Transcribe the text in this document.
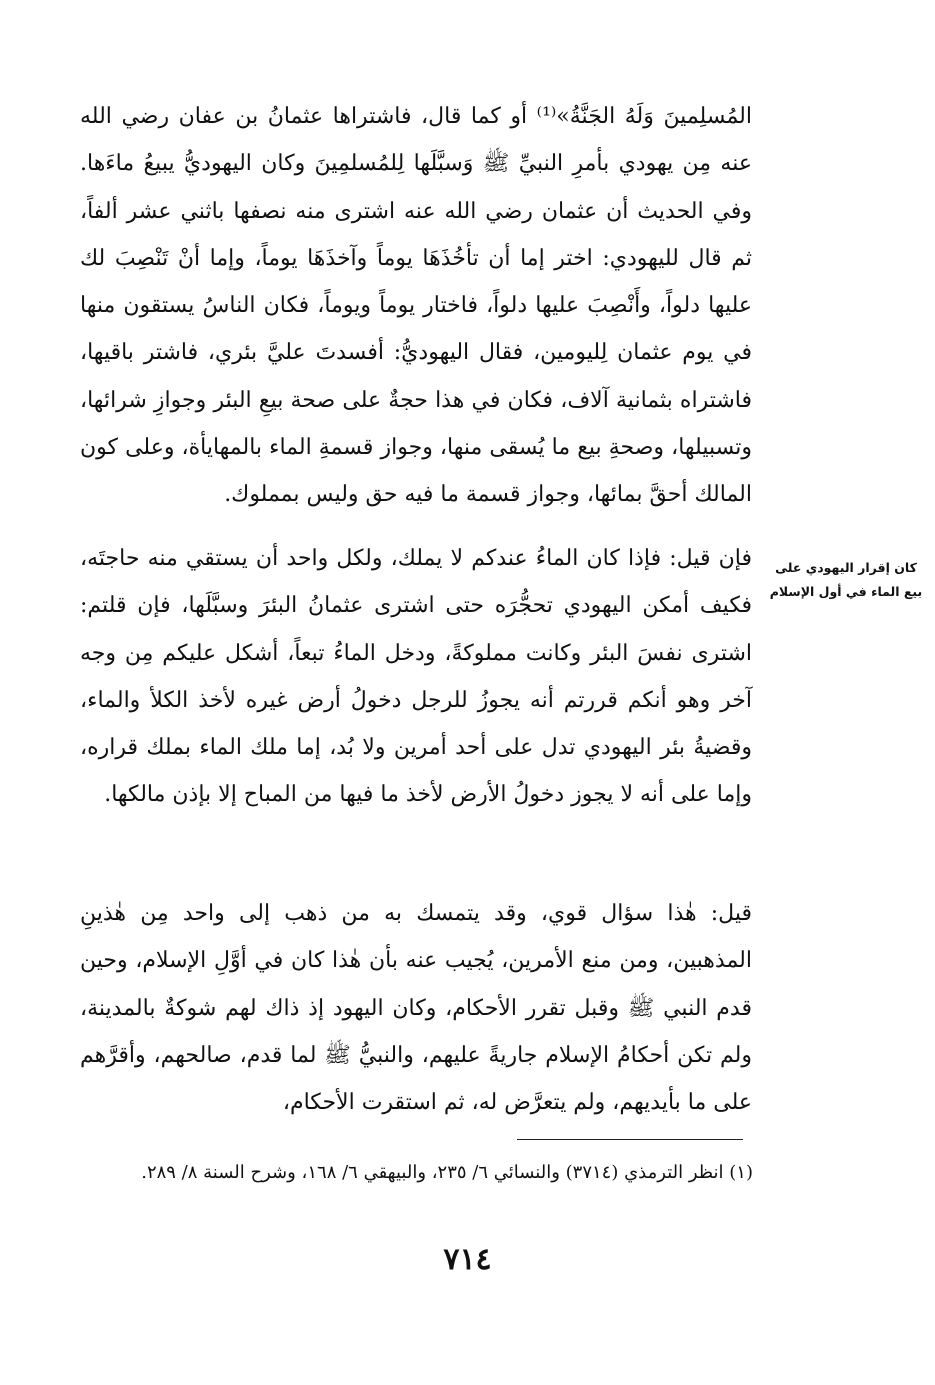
المُسلِمينَ وَلَهُ الجَنَّةُ»⁽¹⁾ أو كما قال، فاشتراها عثمانُ بن عفان رضي الله عنه مِن يهودي بأمرِ النبيِّ ﷺ وَسبَّلَها لِلمُسلمِينَ وكان اليهوديُّ يبيعُ ماءَها. وفي الحديث أن عثمان رضي الله عنه اشترى منه نصفها باثني عشر ألفاً، ثم قال لليهودي: اختر إما أن تأخُذَهَا يوماً وآخذَهَا يوماً، وإما أنْ تَنْصِبَ لك عليها دلواً، وأَنْصِبَ عليها دلواً، فاختار يوماً ويوماً، فكان الناسُ يستقون منها في يوم عثمان لِليومين، فقال اليهوديُّ: أفسدتَ عليَّ بئري، فاشتر باقيها، فاشتراه بثمانية آلاف، فكان في هذا حجةٌ على صحة بيعِ البئر وجوازِ شرائها، وتسبيلها، وصحةِ بيع ما يُسقى منها، وجواز قسمةِ الماء بالمهايأة، وعلى كون المالك أحقَّ بمائها، وجواز قسمة ما فيه حق وليس بمملوك.

كان إقرار اليهودي على
بيع الماء في أول الإسلام

فإن قيل: فإذا كان الماءُ عندكم لا يملك، ولكل واحد أن يستقي منه حاجتَه، فكيف أمكن اليهودي تحجُّرَه حتى اشترى عثمانُ البئرَ وسبَّلَها، فإن قلتم: اشترى نفسَ البئر وكانت مملوكةً، ودخل الماءُ تبعاً، أشكل عليكم مِن وجه آخر وهو أنكم قررتم أنه يجوزُ للرجل دخولُ أرض غيره لأخذ الكلأ والماء، وقضيةُ بئر اليهودي تدل على أحد أمرين ولا بُد، إما ملك الماء بملك قراره، وإما على أنه لا يجوز دخولُ الأرض لأخذ ما فيها من المباح إلا بإذن مالكها.

قيل: هٰذا سؤال قوي، وقد يتمسك به من ذهب إلى واحد مِن هٰذينِ المذهبين، ومن منع الأمرين، يُجيب عنه بأن هٰذا كان في أوَّلِ الإسلام، وحين قدم النبي ﷺ وقبل تقرر الأحكام، وكان اليهود إذ ذاك لهم شوكةٌ بالمدينة، ولم تكن أحكامُ الإسلام جاريةً عليهم، والنبيُّ ﷺ لما قدم، صالحهم، وأقرَّهم على ما بأيديهم، ولم يتعرَّض له، ثم استقرت الأحكام،

(١) انظر الترمذي (٣٧١٤) والنسائي ٦/ ٢٣٥، والبيهقي ٦/ ١٦٨، وشرح السنة ٨/ ٢٨٩.

٧١٤
